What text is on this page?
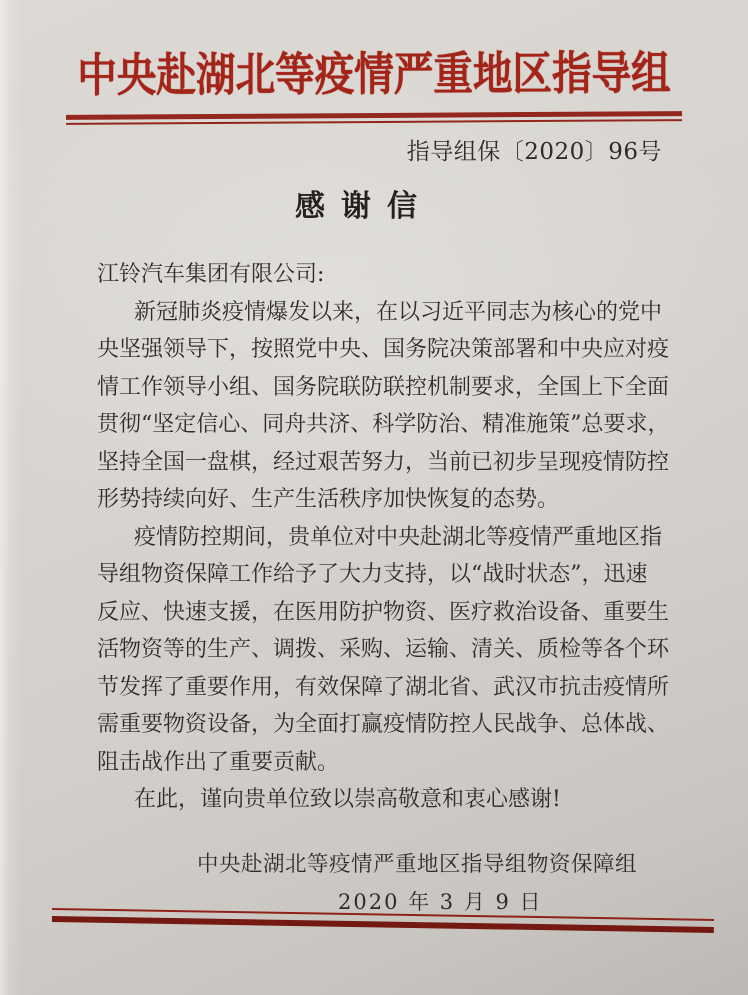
中央赴湖北等疫情严重地区指导组
指导组保〔2020〕96号
感谢信
江铃汽车集团有限公司:
新冠肺炎疫情爆发以来，在以习近平同志为核心的党中
央坚强领导下，按照党中央、国务院决策部署和中央应对疫
情工作领导小组、国务院联防联控机制要求，全国上下全面
贯彻“坚定信心、同舟共济、科学防治、精准施策”总要求，
坚持全国一盘棋，经过艰苦努力，当前已初步呈现疫情防控
形势持续向好、生产生活秩序加快恢复的态势。
疫情防控期间，贵单位对中央赴湖北等疫情严重地区指
导组物资保障工作给予了大力支持，以“战时状态”，迅速
反应、快速支援，在医用防护物资、医疗救治设备、重要生
活物资等的生产、调拨、采购、运输、清关、质检等各个环
节发挥了重要作用，有效保障了湖北省、武汉市抗击疫情所
需重要物资设备，为全面打赢疫情防控人民战争、总体战、
阻击战作出了重要贡献。
在此，谨向贵单位致以崇高敬意和衷心感谢!
中央赴湖北等疫情严重地区指导组物资保障组
2020 年 3 月 9 日
